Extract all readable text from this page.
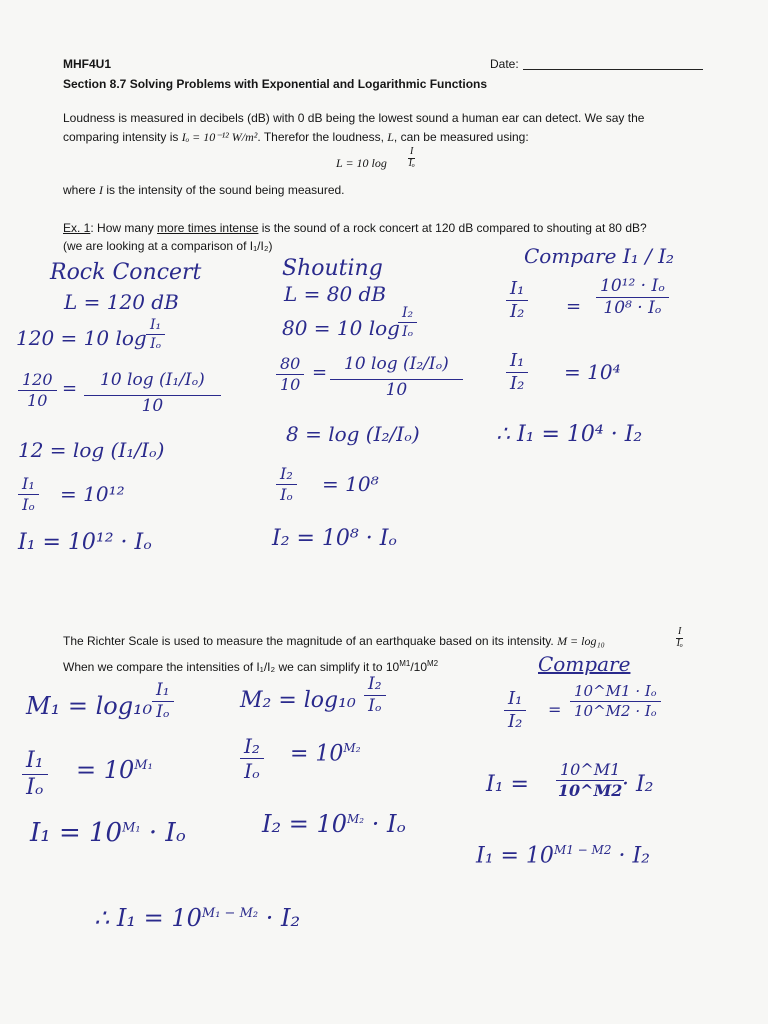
MHF4U1	Date:
Section 8.7 Solving Problems with Exponential and Logarithmic Functions
Loudness is measured in decibels (dB) with 0 dB being the lowest sound a human ear can detect. We say the
comparing intensity is Iₒ = 10⁻¹² W/m². Therefor the loudness, L, can be measured using:
L = 10 $\log \frac{I}{\text{Iₒ}}$
where I is the intensity of the sound being measured.
Ex. 1: How many more times intense is the sound of a rock concert at 120 dB compared to shouting at 80 dB?
(we are looking at a comparison of I₁/I₂)
Rock Concert
L = 120 dB
120 = 10 $\log \frac{\text{I₁}}{\text{Iₒ}}$
$\frac{120}{10} = \frac{\text{10 log (I₁/Iₒ)}}{10}$
12 = log (I₁/Iₒ)
$\frac{\text{I₁}}{\text{Iₒ}} = 10^{12}$
I₁ = 10¹² · Iₒ
Shouting
L = 80 dB
80 = 10 log
$\frac{\text{I₂}}{\text{Iₒ}}$
$\frac{80}{10} = \frac{\text{10 log (I₂/Iₒ)}}{10}$
8 = log (I₂/Iₒ)
$\frac{\text{I₂}}{\text{Iₒ}} = 10^8$
I₂ = 10⁸ · Iₒ
Compare I₁ / I₂
$\frac{\text{I₁}}{\text{I₂}} = \frac{\text{10¹² · Iₒ}}{\text{10⁸ · Iₒ}}$
$\frac{\text{I₁}}{\text{I₂}} = 10^4$
∴ I₁ = 10⁴ · I₂
The Richter Scale is used to measure the magnitude of an earthquake based on its intensity. M = log₁₀	$\frac{I}{\text{Iₒ}}$
When we compare the intensities of I₁/I₂ we can simplify it to $10^{M1}/10^{M2}$
$M_1 = \log_{10} \frac{\text{I₁}}{\text{Iₒ}}$	$M_2 = \log_{10} \frac{\text{I₂}}{\text{Iₒ}}$
$\frac{\text{I₁}}{\text{Iₒ}} = 10^{M_1}$	$\frac{\text{I₂}}{\text{Iₒ}} = 10^{M_2}$
$I_1 = 10^{M_1} \cdot I_o$	$I_2 = 10^{M_2} \cdot I_o$
∴ $I_1 = 10^{M_1 - M_2} \cdot I_2$
Compare
$\frac{\text{I₁}}{\text{I₂}} = \frac{\text{10\textasciicircum{}M1 · Iₒ}}{\text{10\textasciicircum{}M2 · Iₒ}}$
$I_1 = \frac{10\^{}M1}{10\^{}M2}$
· I₂
$I_1 = 10^{M1 - M2} \cdot I_2$
